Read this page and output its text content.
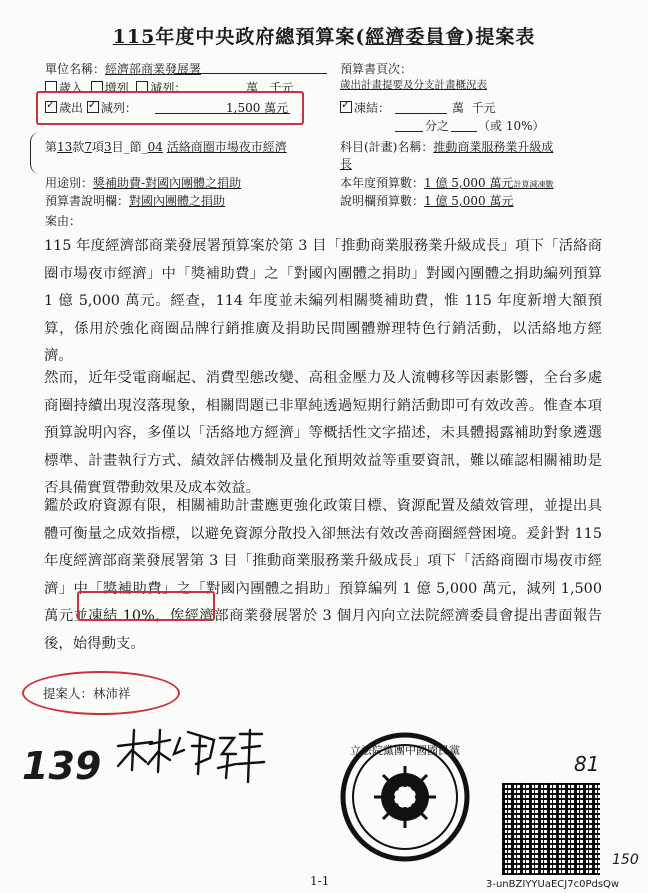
115年度中央政府總預算案(經濟委員會)提案表
單位名稱：經濟部商業發展署	預算書頁次：
歲出計畫提要及分支計畫概況表
歲入 增列 減列：	萬 千元
✓歲出 ✓ 減列：	1,500 萬元 ✓	凍結：	萬 千元
分之 （或 10%）
第13款7項3目_節_04 活絡商圈市場夜市經濟	科目(計畫)名稱：推動商業服務業升級成
長
用途別：獎補助費-對國內團體之捐助	本年度預算數：1 億 5,000 萬元計算減凍數
預算書說明欄：對國內團體之捐助	說明欄預算數：1 億 5,000 萬元
案由：

115 年度經濟部商業發展署預算案於第 3 目「推動商業服務業升級成長」項下「活絡商圈市場夜市經濟」中「獎補助費」之「對國內團體之捐助」對國內團體之捐助編列預算 1 億 5,000 萬元。經查，114 年度並未編列相關獎補助費，惟 115 年度新增大額預算，係用於強化商圈品牌行銷推廣及捐助民間團體辦理特色行銷活動，以活絡地方經濟。

然而，近年受電商崛起、消費型態改變、高租金壓力及人流轉移等因素影響，全台多處商圈持續出現沒落現象，相關問題已非單純透過短期行銷活動即可有效改善。惟查本項預算說明內容，多僅以「活絡地方經濟」等概括性文字描述，未具體揭露補助對象遴選標準、計畫執行方式、績效評估機制及量化預期效益等重要資訊，難以確認相關補助是否具備實質帶動效果及成本效益。

鑑於政府資源有限，相關補助計畫應更強化政策目標、資源配置及績效管理，並提出具體可衡量之成效指標，以避免資源分散投入卻無法有效改善商圈經營困境。爰針對 115 年度經濟部商業發展署第 3 目「推動商業服務業升級成長」項下「活絡商圈市場夜市經濟」中「獎補助費」之「對國內團體之捐助」預算編列 1 億 5,000 萬元，減列 1,500 萬元並凍結 10%，俟經濟部商業發展署於 3 個月內向立法院經濟委員會提出書面報告後，始得動支。

提案人：林沛祥
139	立法院黨團中國國民黨
81
150
1-1	3-unBZIYYUaECJ7c0PdsQw
